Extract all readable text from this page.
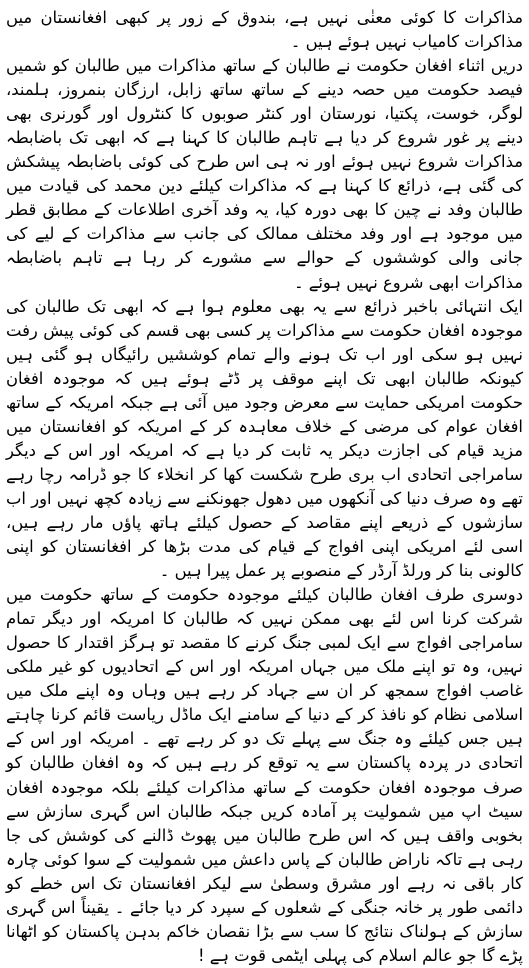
مذاکرات کا کوئی معنٰی نہیں ہے، بندوق کے زور پر کبھی افغانستان میں مذاکرات کامیاب نہیں ہوئے ہیں ۔

دریں اثناء افغان حکومت نے طالبان کے ساتھ مذاکرات میں طالبان کو شمیں فیصد حکومت میں حصہ دینے کے ساتھ ساتھ زابل، ارزگان بنمروز، ہلمند، لوگر، خوست، پکتیا، نورستان اور کنٹر صوبوں کا کنٹرول اور گورنری بھی دینے پر غور شروع کر دیا ہے تاہم طالبان کا کہنا ہے کہ ابھی تک باضابطہ مذاکرات شروع نہیں ہوئے اور نہ ہی اس طرح کی کوئی باضابطہ پیشکش کی گئی ہے، ذرائع کا کہنا ہے کہ مذاکرات کیلئے دین محمد کی قیادت میں طالبان وفد نے چین کا بھی دورہ کیا، یہ وفد آخری اطلاعات کے مطابق قطر میں موجود ہے اور وفد مختلف ممالک کی جانب سے مذاکرات کے لیے کی جانی والی کوششوں کے حوالے سے مشورے کر رہا ہے تاہم باضابطہ مذاکرات ابھی شروع نہیں ہوئے ۔

ایک انتہائی باخبر ذرائع سے یہ بھی معلوم ہوا ہے کہ ابھی تک طالبان کی موجودہ افغان حکومت سے مذاکرات پر کسی بھی قسم کی کوئی پیش رفت نہیں ہو سکی اور اب تک ہونے والے تمام کوششیں رائیگاں ہو گئی ہیں کیونکہ طالبان ابھی تک اپنے موقف پر ڈٹے ہوئے ہیں کہ موجودہ افغان حکومت امریکی حمایت سے معرض وجود میں آئی ہے جبکہ امریکہ کے ساتھ افغان عوام کی مرضی کے خلاف معاہدہ کر کے امریکہ کو افغانستان میں مزید قیام کی اجازت دیکر یہ ثابت کر دیا ہے کہ امریکہ اور اس کے دیگر سامراجی اتحادی اب بری طرح شکست کھا کر انخلاء کا جو ڈرامہ رچا رہے تھے وہ صرف دنیا کی آنکھوں میں دھول جھونکنے سے زیادہ کچھ نہیں اور اب سازشوں کے ذریعے اپنے مقاصد کے حصول کیلئے ہاتھ پاؤں مار رہے ہیں، اسی لئے امریکی اپنی افواج کے قیام کی مدت بڑھا کر افغانستان کو اپنی کالونی بنا کر ورلڈ آرڈر کے منصوبے پر عمل پیرا ہیں ۔

دوسری طرف افغان طالبان کیلئے موجودہ حکومت کے ساتھ حکومت میں شرکت کرنا اس لئے بھی ممکن نہیں کہ طالبان کا امریکہ اور دیگر تمام سامراجی افواج سے ایک لمبی جنگ کرنے کا مقصد تو ہرگز اقتدار کا حصول نہیں، وہ تو اپنے ملک میں جہاں امریکہ اور اس کے اتحادیوں کو غیر ملکی غاصب افواج سمجھ کر ان سے جہاد کر رہے ہیں وہاں وہ اپنے ملک میں اسلامی نظام کو نافذ کر کے دنیا کے سامنے ایک ماڈل ریاست قائم کرنا چاہتے ہیں جس کیلئے وہ جنگ سے پہلے تک دو کر رہے تھے ۔ امریکہ اور اس کے اتحادی در پردہ پاکستان سے یہ توقع کر رہے ہیں کہ وہ افغان طالبان کو صرف موجودہ افغان حکومت کے ساتھ مذاکرات کیلئے بلکہ موجودہ افغان سیٹ اپ میں شمولیت پر آمادہ کریں جبکہ طالبان اس گہری سازش سے بخوبی واقف ہیں کہ اس طرح طالبان میں پھوٹ ڈالنے کی کوشش کی جا رہی ہے تاکہ ناراض طالبان کے پاس داعش میں شمولیت کے سوا کوئی چارہ کار باقی نہ رہے اور مشرق وسطیٰ سے لیکر افغانستان تک اس خطے کو دائمی طور پر خانہ جنگی کے شعلوں کے سپرد کر دیا جائے ۔ یقیناً اس گہری سازش کے ہولناک نتائج کا سب سے بڑا نقصان خاکم بدہن پاکستان کو اٹھانا پڑے گا جو عالم اسلام کی پہلی ایٹمی قوت ہے !
